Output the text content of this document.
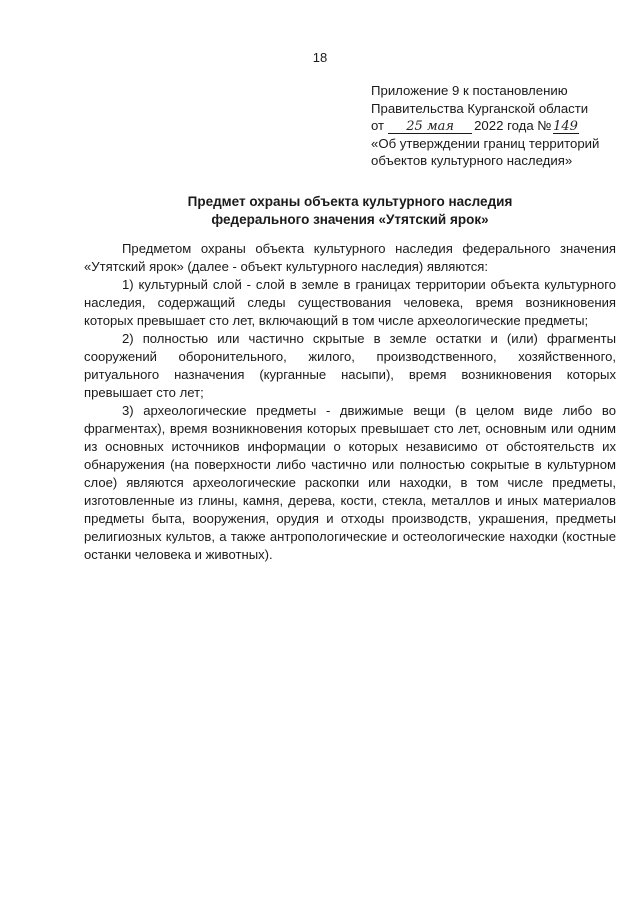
18
Приложение 9 к постановлению
Правительства Курганской области
от 25 мая 2022 года № 149
«Об утверждении границ территорий
объектов культурного наследия»
Предмет охраны объекта культурного наследия
федерального значения «Утятский ярок»

Предметом охраны объекта культурного наследия федерального значения «Утятский ярок» (далее - объект культурного наследия) являются:

1) культурный слой - слой в земле в границах территории объекта культурного наследия, содержащий следы существования человека, время возникновения которых превышает сто лет, включающий в том числе археологические предметы;

2) полностью или частично скрытые в земле остатки и (или) фрагменты сооружений оборонительного, жилого, производственного, хозяйственного, ритуального назначения (курганные насыпи), время возникновения которых превышает сто лет;

3) археологические предметы - движимые вещи (в целом виде либо во фрагментах), время возникновения которых превышает сто лет, основным или одним из основных источников информации о которых независимо от обстоятельств их обнаружения (на поверхности либо частично или полностью сокрытые в культурном слое) являются археологические раскопки или находки, в том числе предметы, изготовленные из глины, камня, дерева, кости, стекла, металлов и иных материалов предметы быта, вооружения, орудия и отходы производств, украшения, предметы религиозных культов, а также антропологические и остеологические находки (костные останки человека и животных).
